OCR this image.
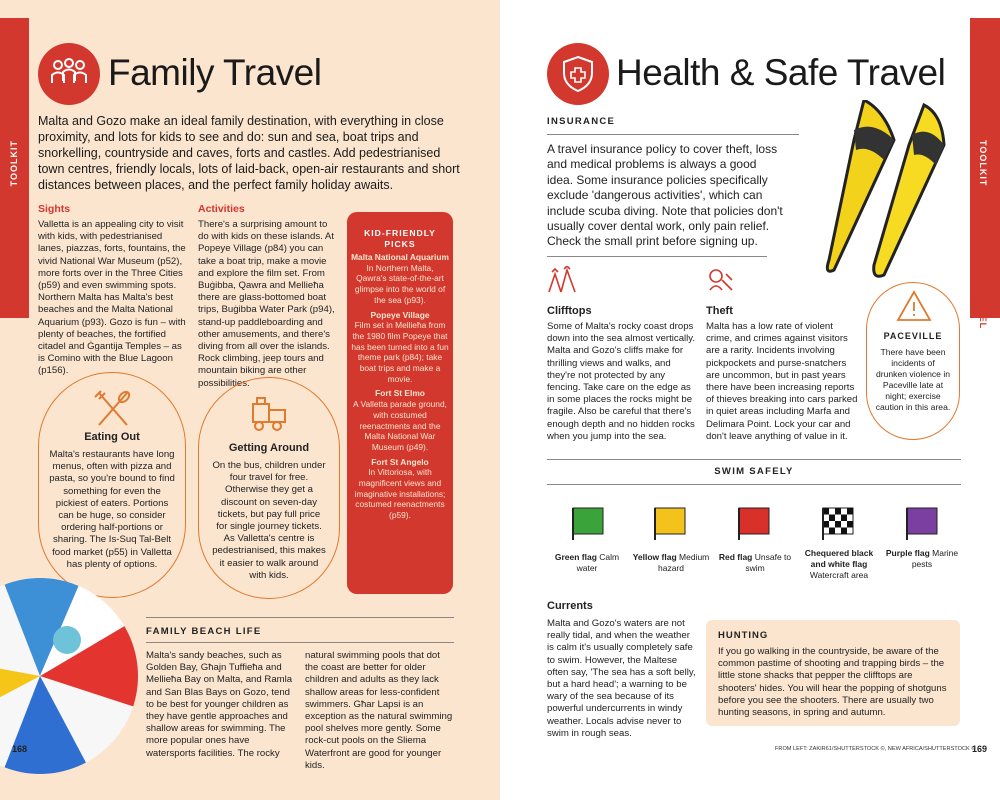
TOOLKIT
FAMILY TRAVEL
Family Travel
Malta and Gozo make an ideal family destination, with everything in close proximity, and lots for kids to see and do: sun and sea, boat trips and snorkelling, countryside and caves, forts and castles. Add pedestrianised town centres, friendly locals, lots of laid-back, open-air restaurants and short distances between places, and the perfect family holiday awaits.
Sights
Valletta is an appealing city to visit with kids, with pedestrianised lanes, piazzas, forts, fountains, the vivid National War Museum (p52), more forts over in the Three Cities (p59) and even swimming spots. Northern Malta has Malta's best beaches and the Malta National Aquarium (p93). Gozo is fun – with plenty of beaches, the fortified citadel and Ġgantija Temples – as is Comino with the Blue Lagoon (p156).
Activities
There's a surprising amount to do with kids on these islands. At Popeye Village (p84) you can take a boat trip, make a movie and explore the film set. From Buġibba, Qawra and Mellieħa there are glass-bottomed boat trips, Buġibba Water Park (p94), stand-up paddleboarding and other amusements, and there's diving from all over the islands. Rock climbing, jeep tours and mountain biking are other possibilities.
Eating Out
Malta's restaurants have long menus, often with pizza and pasta, so you're bound to find something for even the pickiest of eaters. Portions can be huge, so consider ordering half-portions or sharing. The Is-Suq Tal-Belt food market (p55) in Valletta has plenty of options.
Getting Around
On the bus, children under four travel for free. Otherwise they get a discount on seven-day tickets, but pay full price for single journey tickets. As Valletta's centre is pedestrianised, this makes it easier to walk around with kids.
KID-FRIENDLY PICKS
Malta National Aquarium
In Northern Malta, Qawra's state-of-the-art glimpse into the world of the sea (p93).
Popeye Village
Film set in Mellieħa from the 1980 film Popeye that has been turned into a fun theme park (p84); take boat trips and make a movie.
Fort St Elmo
A Valletta parade ground, with costumed reenactments and the Malta National War Museum (p49).
Fort St Angelo
In Vittoriosa, with magnificent views and imaginative installations; costumed reenactments (p59).
FAMILY BEACH LIFE
Malta's sandy beaches, such as Golden Bay, Għajn Tuffieħa and Mellieħa Bay on Malta, and Ramla and San Blas Bays on Gozo, tend to be best for younger children as they have gentle approaches and shallow areas for swimming. The more popular ones have watersports facilities. The rocky
natural swimming pools that dot the coast are better for older children and adults as they lack shallow areas for less-confident swimmers. Għar Lapsi is an exception as the natural swimming pool shelves more gently. Some rock-cut pools on the Sliema Waterfront are good for younger kids.
168
TOOLKIT
HEALTH & SAFE TRAVEL
Health & Safe Travel
INSURANCE
A travel insurance policy to cover theft, loss and medical problems is always a good idea. Some insurance policies specifically exclude 'dangerous activities', which can include scuba diving. Note that policies don't usually cover dental work, only pain relief. Check the small print before signing up.
Clifftops
Some of Malta's rocky coast drops down into the sea almost vertically. Malta and Gozo's cliffs make for thrilling views and walks, and they're not protected by any fencing. Take care on the edge as in some places the rocks might be fragile. Also be careful that there's enough depth and no hidden rocks when you jump into the sea.
Theft
Malta has a low rate of violent crime, and crimes against visitors are a rarity. Incidents involving pickpockets and purse-snatchers are uncommon, but in past years there have been increasing reports of thieves breaking into cars parked in quiet areas including Marfa and Delimara Point. Lock your car and don't leave anything of value in it.
PACEVILLE
There have been incidents of drunken violence in Paceville late at night; exercise caution in this area.
SWIM SAFELY
Green flag Calm water
Yellow flag Medium hazard
Red flag Unsafe to swim
Chequered black and white flag
Watercraft area
Purple flag Marine pests
Currents
Malta and Gozo's waters are not really tidal, and when the weather is calm it's usually completely safe to swim. However, the Maltese often say, 'The sea has a soft belly, but a hard head'; a warning to be wary of the sea because of its powerful undercurrents in windy weather. Locals advise never to swim in rough seas.
HUNTING
If you go walking in the countryside, be aware of the common pastime of shooting and trapping birds – the little stone shacks that pepper the clifftops are shooters' hides. You will hear the popping of shotguns before you see the shooters. There are usually two hunting seasons, in spring and autumn.
FROM LEFT: ZAKIR61/SHUTTERSTOCK ©, NEW AFRICA/SHUTTERSTOCK ©
169
